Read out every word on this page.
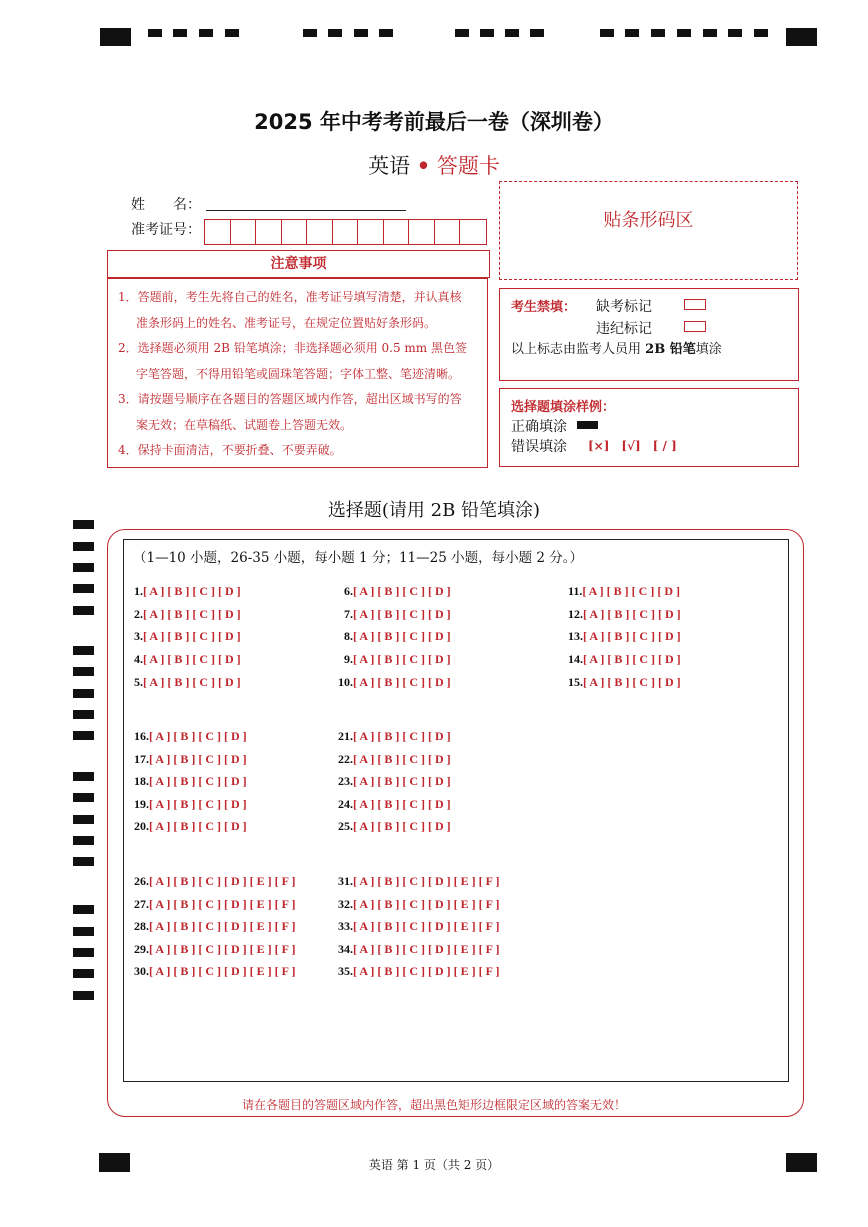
2025 年中考考前最后一卷（深圳卷）
英语 • 答题卡
姓　　名：
准考证号：
注意事项

1．答题前，考生先将自己的姓名，准考证号填写清楚，并认真核
准条形码上的姓名、准考证号，在规定位置贴好条形码。

2．选择题必须用 2B 铅笔填涂；非选择题必须用 0.5 mm 黑色签
字笔答题，不得用铅笔或圆珠笔答题；字体工整、笔迹清晰。

3．请按题号顺序在各题目的答题区域内作答，超出区域书写的答
案无效；在草稿纸、试题卷上答题无效。

4．保持卡面清洁，不要折叠、不要弄破。

贴条形码区
考生禁填： 缺考标记
违纪标记
以上标志由监考人员用 2B 铅笔填涂
选择题填涂样例：
正确填涂
错误填涂 [×]　[√]　[ / ]
选择题(请用 2B 铅笔填涂)
（1—10 小题，26-35 小题，每小题 1 分；11—25 小题，每小题 2 分。）
1.[ A ] [ B ] [ C ] [ D ]
2.[ A ] [ B ] [ C ] [ D ]
3.[ A ] [ B ] [ C ] [ D ]
4.[ A ] [ B ] [ C ] [ D ]
5.[ A ] [ B ] [ C ] [ D ]
6.[ A ] [ B ] [ C ] [ D ]
7.[ A ] [ B ] [ C ] [ D ]
8.[ A ] [ B ] [ C ] [ D ]
9.[ A ] [ B ] [ C ] [ D ]
10.[ A ] [ B ] [ C ] [ D ]
11.[ A ] [ B ] [ C ] [ D ]
12.[ A ] [ B ] [ C ] [ D ]
13.[ A ] [ B ] [ C ] [ D ]
14.[ A ] [ B ] [ C ] [ D ]
15.[ A ] [ B ] [ C ] [ D ]
16.[ A ] [ B ] [ C ] [ D ]
17.[ A ] [ B ] [ C ] [ D ]
18.[ A ] [ B ] [ C ] [ D ]
19.[ A ] [ B ] [ C ] [ D ]
20.[ A ] [ B ] [ C ] [ D ]
21.[ A ] [ B ] [ C ] [ D ]
22.[ A ] [ B ] [ C ] [ D ]
23.[ A ] [ B ] [ C ] [ D ]
24.[ A ] [ B ] [ C ] [ D ]
25.[ A ] [ B ] [ C ] [ D ]
26.[ A ] [ B ] [ C ] [ D ] [ E ] [ F ]
27.[ A ] [ B ] [ C ] [ D ] [ E ] [ F ]
28.[ A ] [ B ] [ C ] [ D ] [ E ] [ F ]
29.[ A ] [ B ] [ C ] [ D ] [ E ] [ F ]
30.[ A ] [ B ] [ C ] [ D ] [ E ] [ F ]
31.[ A ] [ B ] [ C ] [ D ] [ E ] [ F ]
32.[ A ] [ B ] [ C ] [ D ] [ E ] [ F ]
33.[ A ] [ B ] [ C ] [ D ] [ E ] [ F ]
34.[ A ] [ B ] [ C ] [ D ] [ E ] [ F ]
35.[ A ] [ B ] [ C ] [ D ] [ E ] [ F ]
请在各题目的答题区域内作答，超出黑色矩形边框限定区域的答案无效！
英语 第 1 页（共 2 页）
